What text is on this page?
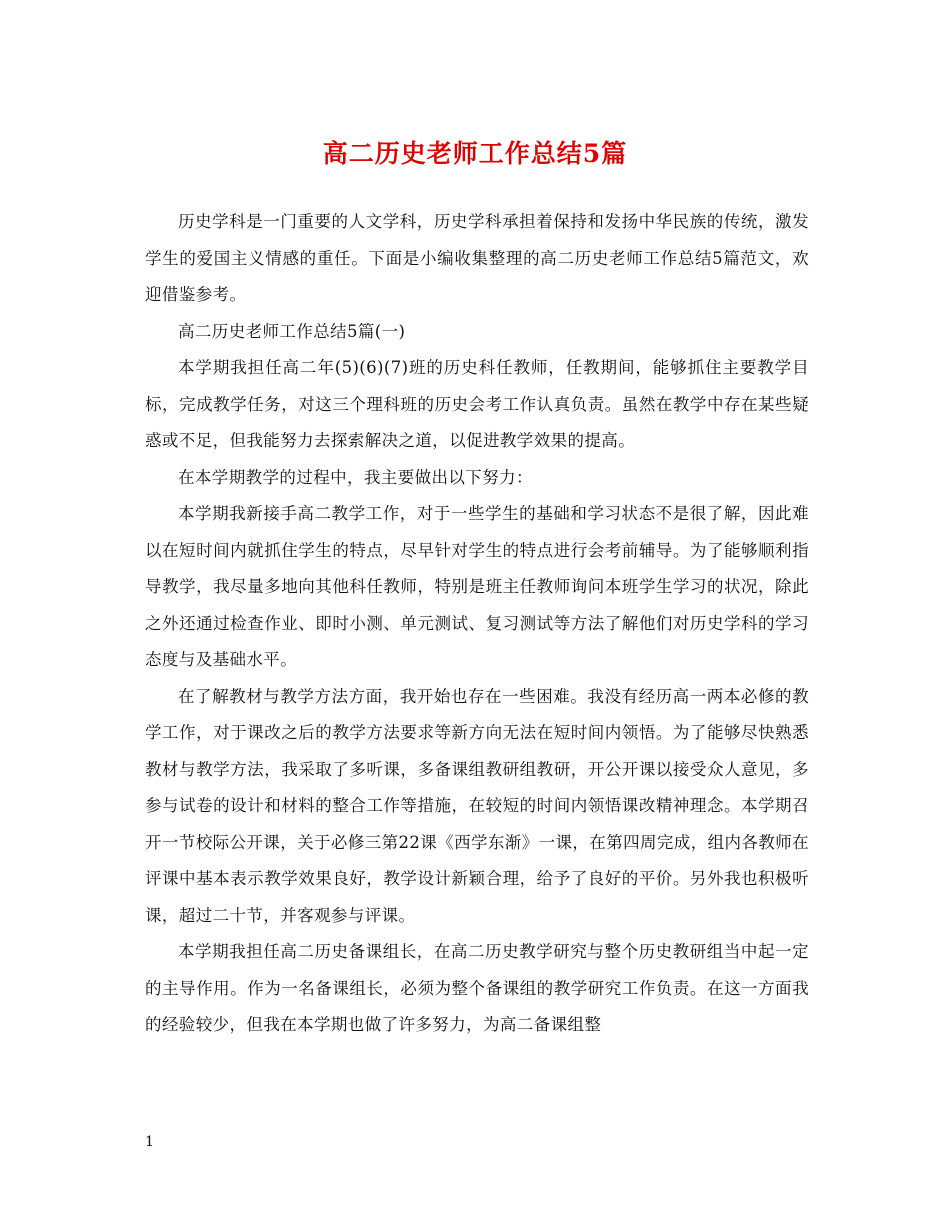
高二历史老师工作总结5篇

历史学科是一门重要的人文学科，历史学科承担着保持和发扬中华民族的传统，激发学生的爱国主义情感的重任。下面是小编收集整理的高二历史老师工作总结5篇范文，欢迎借鉴参考。

高二历史老师工作总结5篇(一)

本学期我担任高二年(5)(6)(7)班的历史科任教师，任教期间，能够抓住主要教学目标，完成教学任务，对这三个理科班的历史会考工作认真负责。虽然在教学中存在某些疑惑或不足，但我能努力去探索解决之道，以促进教学效果的提高。

在本学期教学的过程中，我主要做出以下努力：

本学期我新接手高二教学工作，对于一些学生的基础和学习状态不是很了解，因此难以在短时间内就抓住学生的特点，尽早针对学生的特点进行会考前辅导。为了能够顺利指导教学，我尽量多地向其他科任教师，特别是班主任教师询问本班学生学习的状况，除此之外还通过检查作业、即时小测、单元测试、复习测试等方法了解他们对历史学科的学习态度与及基础水平。

在了解教材与教学方法方面，我开始也存在一些困难。我没有经历高一两本必修的教学工作，对于课改之后的教学方法要求等新方向无法在短时间内领悟。为了能够尽快熟悉教材与教学方法，我采取了多听课，多备课组教研组教研，开公开课以接受众人意见，多参与试卷的设计和材料的整合工作等措施，在较短的时间内领悟课改精神理念。本学期召开一节校际公开课，关于必修三第22课《西学东渐》一课，在第四周完成，组内各教师在评课中基本表示教学效果良好，教学设计新颖合理，给予了良好的平价。另外我也积极听课，超过二十节，并客观参与评课。

本学期我担任高二历史备课组长，在高二历史教学研究与整个历史教研组当中起一定的主导作用。作为一名备课组长，必须为整个备课组的教学研究工作负责。在这一方面我的经验较少，但我在本学期也做了许多努力，为高二备课组整

1
